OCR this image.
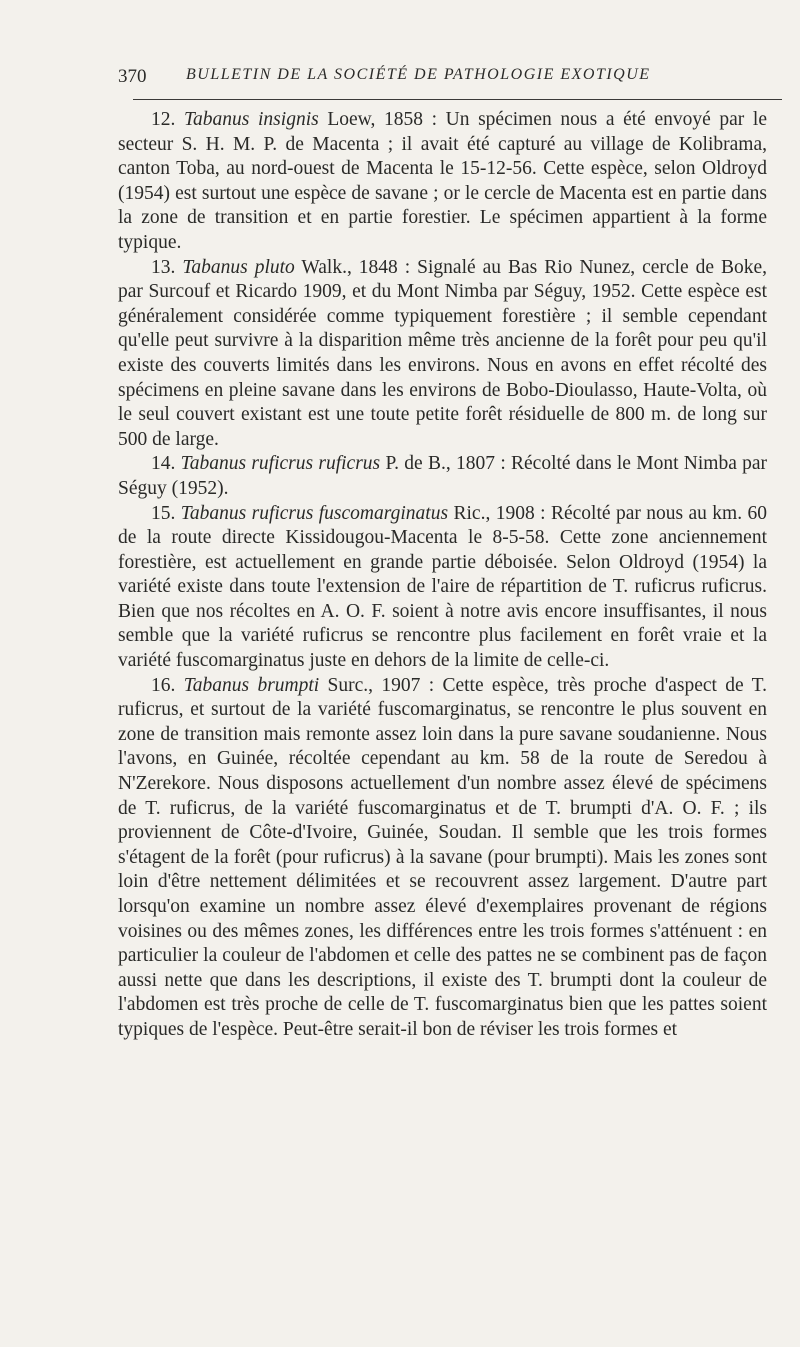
370 BULLETIN DE LA SOCIÉTÉ DE PATHOLOGIE EXOTIQUE

12. Tabanus insignis Loew, 1858 : Un spécimen nous a été envoyé par le secteur S. H. M. P. de Macenta ; il avait été capturé au village de Kolibrama, canton Toba, au nord-ouest de Macenta le 15-12-56. Cette espèce, selon Oldroyd (1954) est surtout une espèce de savane ; or le cercle de Macenta est en partie dans la zone de transition et en partie forestier. Le spécimen appartient à la forme typique.

13. Tabanus pluto Walk., 1848 : Signalé au Bas Rio Nunez, cercle de Boke, par Surcouf et Ricardo 1909, et du Mont Nimba par Séguy, 1952. Cette espèce est généralement considérée comme typiquement forestière ; il semble cependant qu'elle peut survivre à la disparition même très ancienne de la forêt pour peu qu'il existe des couverts limités dans les environs. Nous en avons en effet récolté des spécimens en pleine savane dans les environs de Bobo-Dioulasso, Haute-Volta, où le seul couvert existant est une toute petite forêt résiduelle de 800 m. de long sur 500 de large.

14. Tabanus ruficrus ruficrus P. de B., 1807 : Récolté dans le Mont Nimba par Séguy (1952).

15. Tabanus ruficrus fuscomarginatus Ric., 1908 : Récolté par nous au km. 60 de la route directe Kissidougou-Macenta le 8-5-58. Cette zone anciennement forestière, est actuellement en grande partie déboisée. Selon Oldroyd (1954) la variété existe dans toute l'extension de l'aire de répartition de T. ruficrus ruficrus. Bien que nos récoltes en A. O. F. soient à notre avis encore insuffisantes, il nous semble que la variété ruficrus se rencontre plus facilement en forêt vraie et la variété fuscomarginatus juste en dehors de la limite de celle-ci.

16. Tabanus brumpti Surc., 1907 : Cette espèce, très proche d'aspect de T. ruficrus, et surtout de la variété fuscomarginatus, se rencontre le plus souvent en zone de transition mais remonte assez loin dans la pure savane soudanienne. Nous l'avons, en Guinée, récoltée cependant au km. 58 de la route de Seredou à N'Zerekore. Nous disposons actuellement d'un nombre assez élevé de spécimens de T. ruficrus, de la variété fuscomarginatus et de T. brumpti d'A. O. F. ; ils proviennent de Côte-d'Ivoire, Guinée, Soudan. Il semble que les trois formes s'étagent de la forêt (pour ruficrus) à la savane (pour brumpti). Mais les zones sont loin d'être nettement délimitées et se recouvrent assez largement. D'autre part lorsqu'on examine un nombre assez élevé d'exemplaires provenant de régions voisines ou des mêmes zones, les différences entre les trois formes s'atténuent : en particulier la couleur de l'abdomen et celle des pattes ne se combinent pas de façon aussi nette que dans les descriptions, il existe des T. brumpti dont la couleur de l'abdomen est très proche de celle de T. fuscomarginatus bien que les pattes soient typiques de l'espèce. Peut-être serait-il bon de réviser les trois formes et
